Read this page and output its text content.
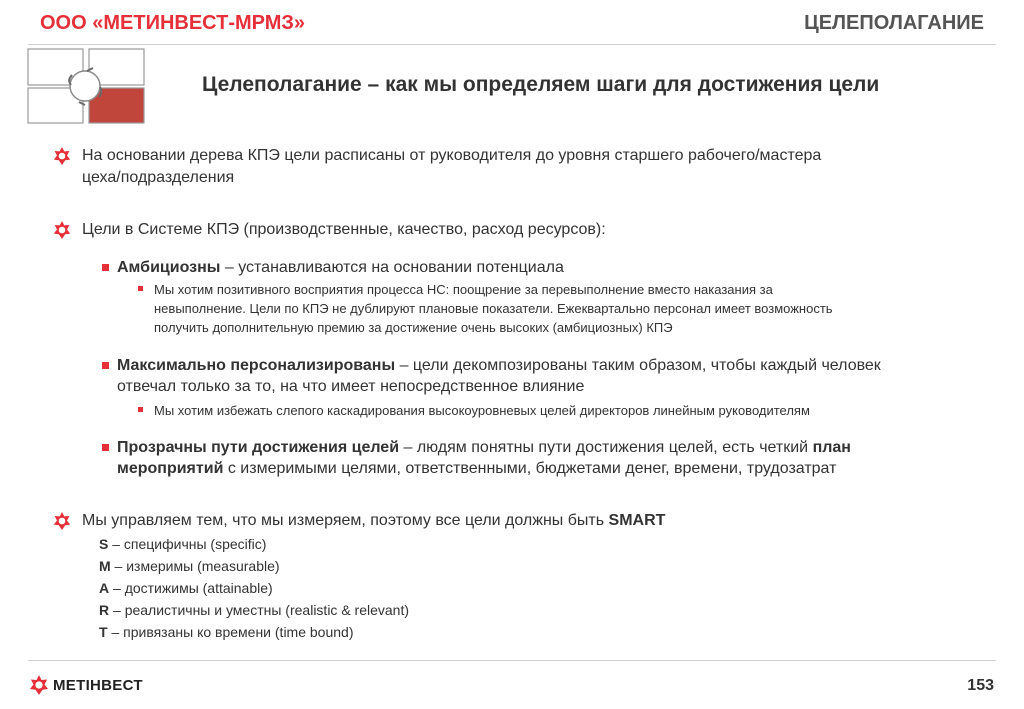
ООО «МЕТИНВЕСТ-МРМЗ»	ЦЕЛЕПОЛАГАНИЕ
Целеполагание – как мы определяем шаги для достижения цели
На основании дерева КПЭ цели расписаны от руководителя до уровня старшего рабочего/мастера
цеха/подразделения
Цели в Системе КПЭ (производственные, качество, расход ресурсов):
Амбициозны – устанавливаются на основании потенциала
Мы хотим позитивного восприятия процесса НС: поощрение за перевыполнение вместо наказания за
невыполнение. Цели по КПЭ не дублируют плановые показатели. Ежеквартально персонал имеет возможность
получить дополнительную премию за достижение очень высоких (амбициозных) КПЭ
Максимально персонализированы – цели декомпозированы таким образом, чтобы каждый человек
отвечал только за то, на что имеет непосредственное влияние
Мы хотим избежать слепого каскадирования высокоуровневых целей директоров линейным руководителям
Прозрачны пути достижения целей – людям понятны пути достижения целей, есть четкий план
мероприятий с измеримыми целями, ответственными, бюджетами денег, времени, трудозатрат
Мы управляем тем, что мы измеряем, поэтому все цели должны быть SMART
S – специфичны (specific)
M – измеримы (measurable)
A – достижимы (attainable)
R – реалистичны и уместны (realistic & relevant)
T – привязаны ко времени (time bound)
МЕТІНВЕСТ	153
